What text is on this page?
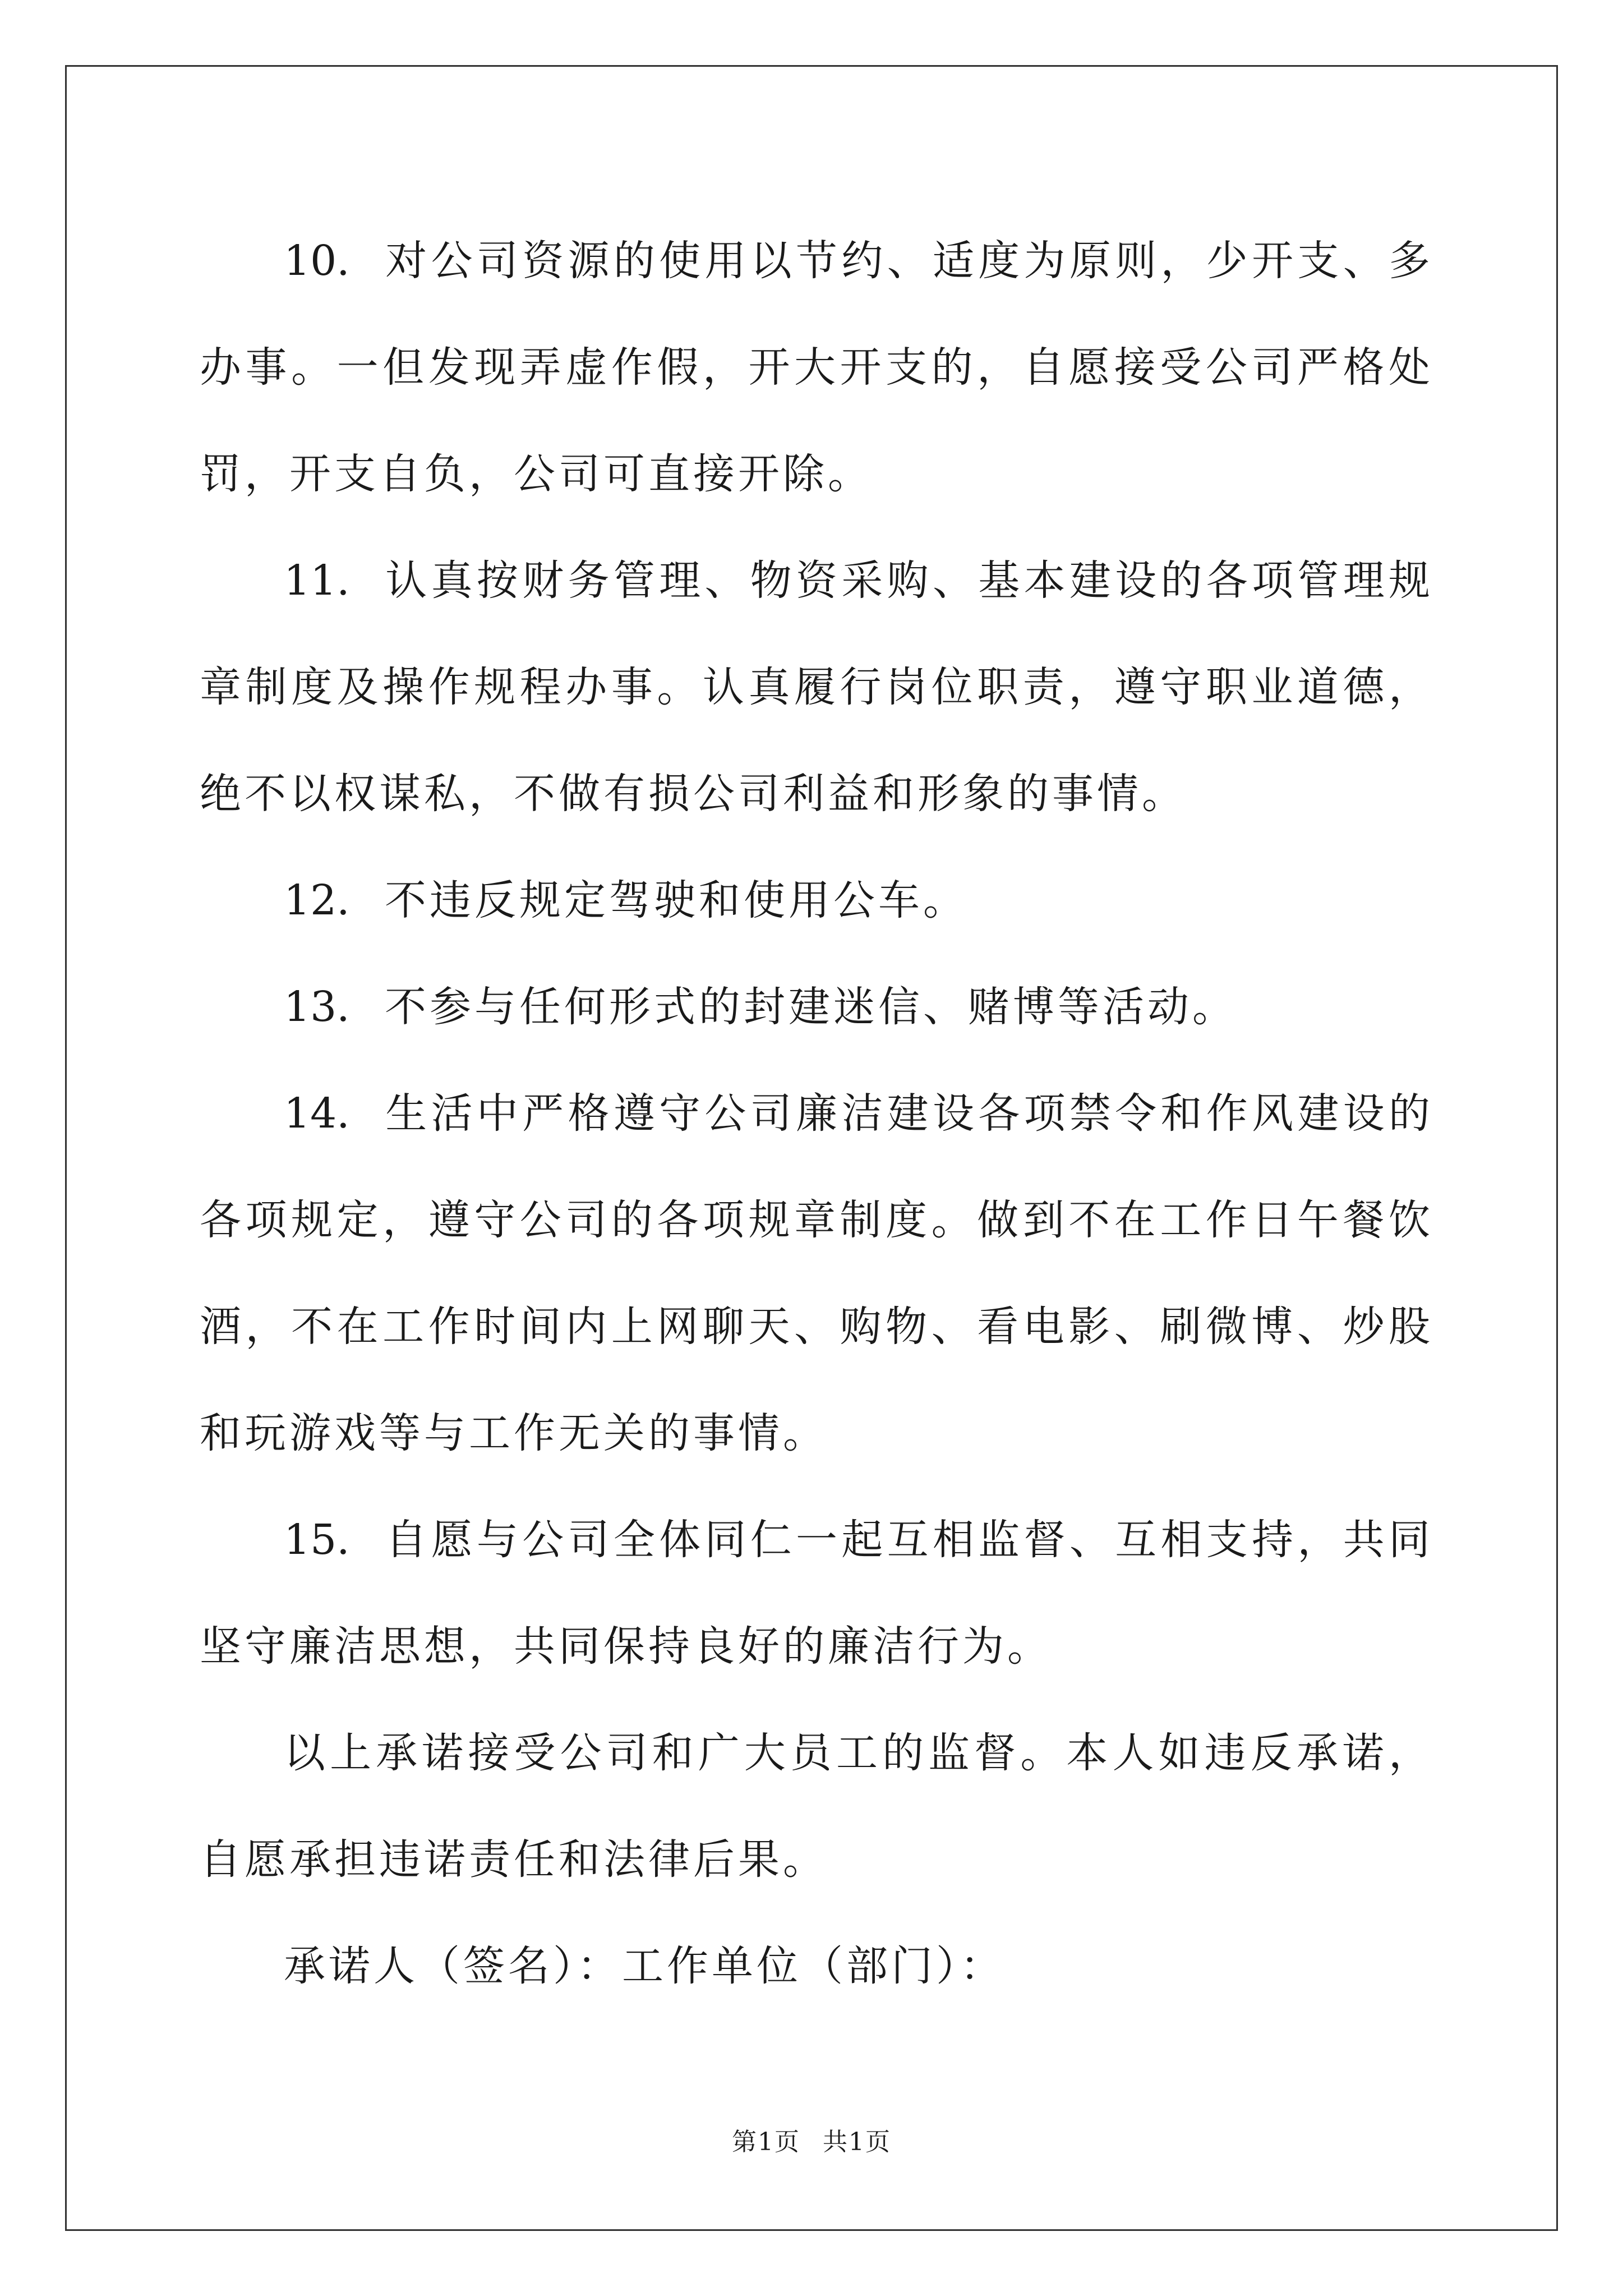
10. 对公司资源的使用以节约、适度为原则，少开支、多办事。一但发现弄虚作假，开大开支的，自愿接受公司严格处罚，开支自负，公司可直接开除。

11. 认真按财务管理、物资采购、基本建设的各项管理规章制度及操作规程办事。认真履行岗位职责，遵守职业道德，绝不以权谋私，不做有损公司利益和形象的事情。

12. 不违反规定驾驶和使用公车。

13. 不参与任何形式的封建迷信、赌博等活动。

14. 生活中严格遵守公司廉洁建设各项禁令和作风建设的各项规定，遵守公司的各项规章制度。做到不在工作日午餐饮酒，不在工作时间内上网聊天、购物、看电影、刷微博、炒股和玩游戏等与工作无关的事情。

15. 自愿与公司全体同仁一起互相监督、互相支持，共同坚守廉洁思想，共同保持良好的廉洁行为。

以上承诺接受公司和广大员工的监督。本人如违反承诺，自愿承担违诺责任和法律后果。

承诺人（签名）：工作单位（部门）：

第1页 共1页
